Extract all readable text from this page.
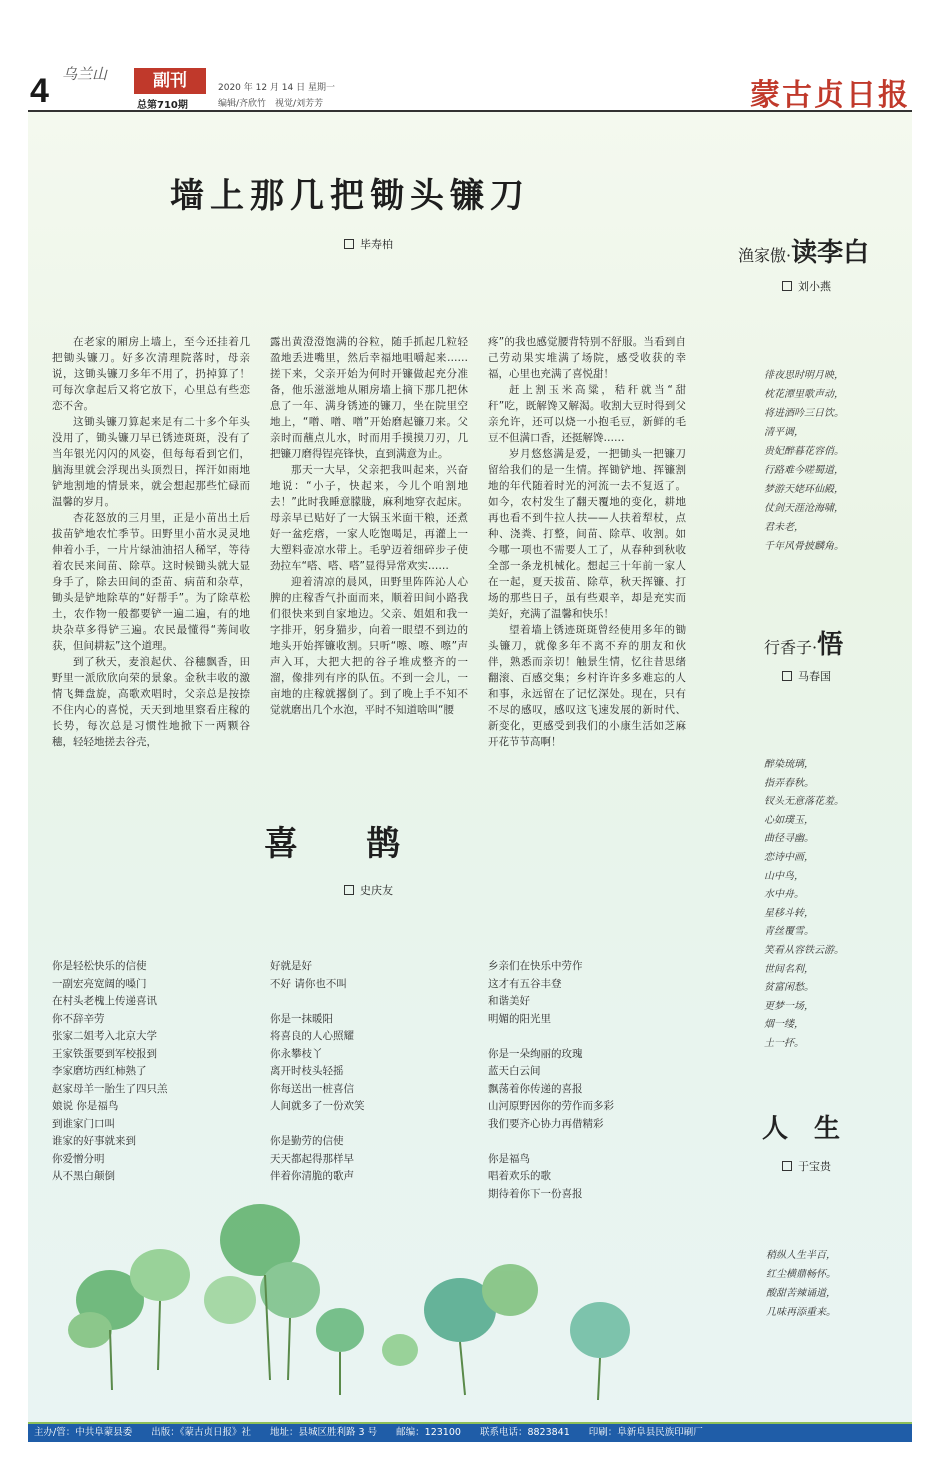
4 乌兰山	副刊
总第710期
2020 年 12 月 14 日 星期一
编辑/齐欣竹　视觉/刘芳芳	蒙古贞日报
墙上那几把锄头镰刀
毕寿柏

在老家的厢房上墙上，至今还挂着几把锄头镰刀。好多次清理院落时，母亲说，这锄头镰刀多年不用了，扔掉算了！可每次拿起后又将它放下，心里总有些恋恋不舍。

这锄头镰刀算起来足有二十多个年头没用了，锄头镰刀早已锈迹斑斑，没有了当年银光闪闪的风姿，但每每看到它们，脑海里就会浮现出头顶烈日，挥汗如雨地铲地割地的情景来，就会想起那些忙碌而温馨的岁月。

杏花怒放的三月里，正是小苗出土后拔苗铲地农忙季节。田野里小苗水灵灵地伸着小手，一片片绿油油招人稀罕，等待着农民来间苗、除草。这时候锄头就大显身手了，除去田间的歪苗、病苗和杂草，锄头是铲地除草的“好帮手”。为了除草松土，农作物一般都要铲一遍二遍，有的地块杂草多得铲三遍。农民最懂得“莠间收获，但间耕耘”这个道理。

到了秋天，麦浪起伏、谷穗飘香，田野里一派欣欣向荣的景象。金秋丰收的激情飞舞盘旋，高歌欢唱时，父亲总是按捺不住内心的喜悦，天天到地里察看庄稼的长势，每次总是习惯性地掀下一两颗谷穗，轻轻地搓去谷壳，

露出黄澄澄饱满的谷粒，随手抓起几粒轻盈地丢进嘴里，然后幸福地咀嚼起来……搓下来，父亲开始为何时开镰做起充分准备，他乐滋滋地从厢房墙上摘下那几把休息了一年、满身锈迹的镰刀，坐在院里空地上，“噌、噌、噌”开始磨起镰刀来。父亲时而蘸点儿水，时而用手摸摸刀刃，几把镰刀磨得锃亮锋快，直到满意为止。

那天一大早，父亲把我叫起来，兴奋地说：“小子，快起来，今儿个咱割地去！”此时我睡意朦胧，麻利地穿衣起床。母亲早已贴好了一大锅玉米面干粮，还煮好一盆疙瘩，一家人吃饱喝足，再灌上一大塑料壶凉水带上。毛驴迈着细碎步子使劲拉车“嗒、嗒、嗒”显得异常欢实……

迎着清凉的晨风，田野里阵阵沁人心脾的庄稼香气扑面而来，顺着田间小路我们很快来到自家地边。父亲、姐姐和我一字排开，躬身猫步，向着一眼望不到边的地头开始挥镰收割。只听“嚓、嚓、嚓”声声入耳，大把大把的谷子堆成整齐的一溜，像排列有序的队伍。不到一会儿，一亩地的庄稼就撂倒了。到了晚上手不知不觉就磨出几个水泡，平时不知道啥叫“腰

疼”的我也感觉腰背特别不舒服。当看到自己劳动果实堆满了场院，感受收获的幸福，心里也充满了喜悦甜！

赶上割玉米高粱，秸秆就当“甜秆”吃，既解馋又解渴。收割大豆时得到父亲允许，还可以烧一小抱毛豆，新鲜的毛豆不但满口香，还挺解馋……

岁月悠悠满是爱，一把锄头一把镰刀留给我们的是一生情。挥锄铲地、挥镰割地的年代随着时光的河流一去不复返了。如今，农村发生了翻天覆地的变化，耕地再也看不到牛拉人扶——人扶着犁杖，点种、浇粪、打整，间苗、除草、收割。如今哪一项也不需要人工了，从春种到秋收全部一条龙机械化。想起三十年前一家人在一起，夏天拔苗、除草，秋天挥镰、打场的那些日子，虽有些艰辛，却是充实而美好，充满了温馨和快乐！

望着墙上锈迹斑斑曾经使用多年的锄头镰刀，就像多年不离不弃的朋友和伙伴，熟悉而亲切！触景生情，忆往昔思绪翻滚、百感交集；乡村许许多多难忘的人和事，永远留在了记忆深处。现在，只有不尽的感叹，感叹这飞速发展的新时代、新变化，更感受到我们的小康生活如芝麻开花节节高啊！

渔家傲·读李白
刘小燕
徘夜思时明月映，
枕花潭里歌声动，
将进酒吟三日饮。
清平调，
贵妃醉暮花容俏。
行路难今嗟蜀道，
梦游天姥环仙殿，
仗剑天涯沧海啸，
君未老，
千年风骨披麟角。
行香子·悟
马春国
醉染琉璃，
指弄春秋。
钗头无意落花羞。
心如璞玉，
曲径寻幽。
恋诗中画，
山中鸟，
水中舟。
星移斗转，
青丝覆雪。
笑看从容铁云游。
世间名利，
贫富闲愁。
更梦一场，
烟一缕，
土一抔。
人　生
于宝贵
稍纵人生半百，
红尘横鼎畅怀。
酸甜苦辣诵道，
几味再添重来。
喜　　鹊
史庆友
你是轻松快乐的信使
一副宏亮宽阔的嗓门
在村头老槐上传递喜讯
你不辞辛劳
张家二姐考入北京大学
王家铁蛋要到军校报到
李家磨坊西红柿熟了
赵家母羊一胎生了四只羔
娘说 你是福鸟
到谁家门口叫
谁家的好事就来到
你爱憎分明
从不黑白颠倒
好就是好
不好 请你也不叫

你是一抹暖阳
将喜良的人心照耀
你永攀枝丫
离开时枝头轻摇
你每送出一桩喜信
人间就多了一份欢笑

你是勤劳的信使
天天都起得那样早
伴着你清脆的歌声
乡亲们在快乐中劳作
这才有五谷丰登
和谐美好
明媚的阳光里

你是一朵绚丽的玫瑰
蓝天白云间
飘荡着你传递的喜报
山河原野因你的劳作而多彩
我们要齐心协力再借精彩

你是福鸟
唱着欢乐的歌
期待着你下一份喜报
主办/管：中共阜蒙县委 出版：《蒙古贞日报》社 地址：县城区胜利路 3 号 邮编：123100 联系电话：8823841 印刷：阜新阜县民族印刷厂
